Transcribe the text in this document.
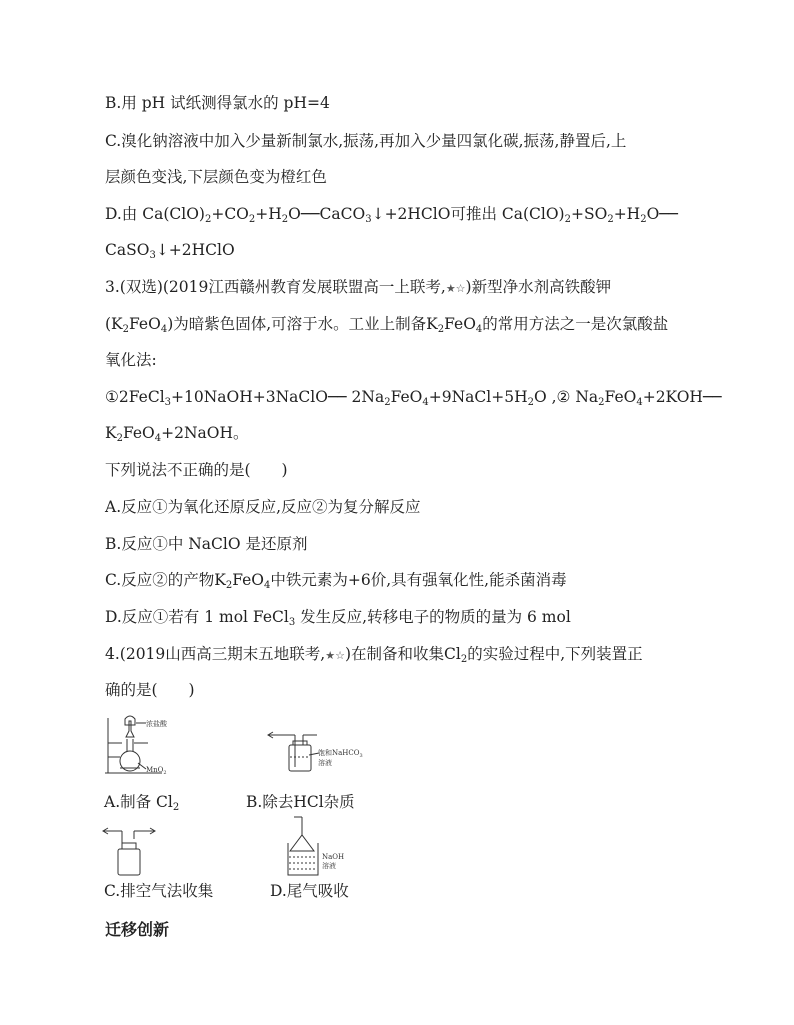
B.用 pH 试纸测得氯水的 pH=4
C.溴化钠溶液中加入少量新制氯水,振荡,再加入少量四氯化碳,振荡,静置后,上
层颜色变浅,下层颜色变为橙红色
D.由 $Ca(ClO)_2+CO_2+H_2O──CaCO_3↓+2HClO$可推出 $Ca(ClO)_2+SO_2+H_2O──$
CaSO$_3$↓+2HClO
3.(双选)(2019江西赣州教育发展联盟高一上联考,★☆)新型净水剂高铁酸钾
$(K_2FeO_4)$为暗紫色固体,可溶于水。工业上制备$K_2FeO_4$的常用方法之一是次氯酸盐
氧化法:
①2FeCl$_3$+10NaOH+3NaClO── $2Na_2FeO_4+9NaCl+5H_2O$ ,② $Na_2FeO_4+2KOH──$
$K_2FeO_4+2NaOH$。
下列说法不正确的是(　　)
A.反应①为氧化还原反应,反应②为复分解反应
B.反应①中 NaClO 是还原剂
C.反应②的产物$K_2FeO_4$中铁元素为+6价,具有强氧化性,能杀菌消毒
D.反应①若有 1 mol FeCl$_3$ 发生反应,转移电子的物质的量为 6 mol
4.(2019山西高三期末五地联考,★☆)在制备和收集$Cl_2$的实验过程中,下列装置正
确的是(　　)
浓盐酸
MnO$_2$
饱和NaHCO$_3$
溶液
A.制备 $Cl_2$	B.除去HCl杂质
NaOH
溶液
C.排空气法收集	D.尾气吸收
迁移创新
